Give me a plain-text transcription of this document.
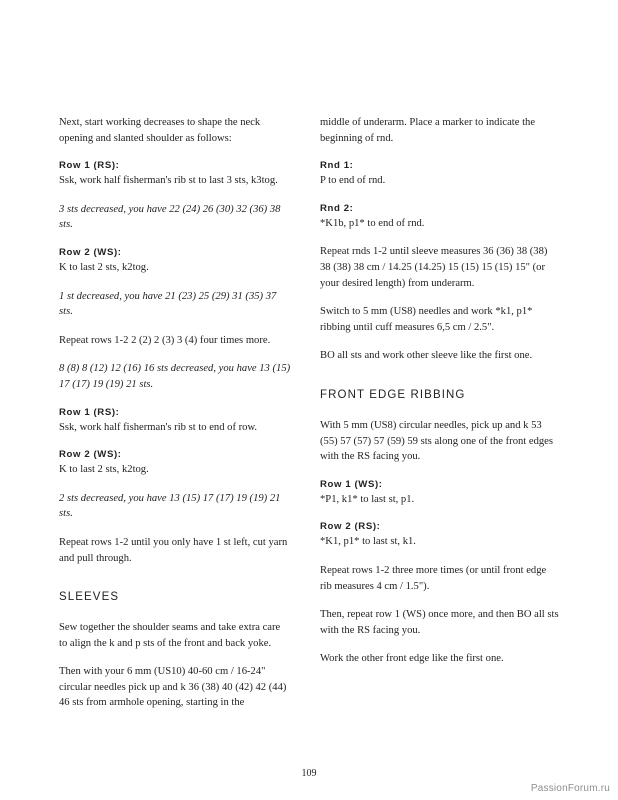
Next, start working decreases to shape the neck opening and slanted shoulder as follows:

Row 1 (RS):

Ssk, work half fisherman's rib st to last 3 sts, k3tog.

3 sts decreased, you have 22 (24) 26 (30) 32 (36) 38 sts.

Row 2 (WS):

K to last 2 sts, k2tog.

1 st decreased, you have 21 (23) 25 (29) 31 (35) 37 sts.

Repeat rows 1-2 2 (2) 2 (3) 3 (4) four times more.

8 (8) 8 (12) 12 (16) 16 sts decreased, you have 13 (15) 17 (17) 19 (19) 21 sts.

Row 1 (RS):

Ssk, work half fisherman's rib st to end of row.

Row 2 (WS):

K to last 2 sts, k2tog.

2 sts decreased, you have 13 (15) 17 (17) 19 (19) 21 sts.

Repeat rows 1-2 until you only have 1 st left, cut yarn and pull through.

SLEEVES

Sew together the shoulder seams and take extra care to align the k and p sts of the front and back yoke.

Then with your 6 mm (US10) 40-60 cm / 16-24" circular needles pick up and k 36 (38) 40 (42) 42 (44) 46 sts from armhole opening, starting in the

middle of underarm. Place a marker to indicate the beginning of rnd.

Rnd 1:

P to end of rnd.

Rnd 2:

*K1b, p1* to end of rnd.

Repeat rnds 1-2 until sleeve measures 36 (36) 38 (38) 38 (38) 38 cm / 14.25 (14.25) 15 (15) 15 (15) 15" (or your desired length) from underarm.

Switch to 5 mm (US8) needles and work *k1, p1* ribbing until cuff measures 6,5 cm / 2.5".

BO all sts and work other sleeve like the first one.

FRONT EDGE RIBBING

With 5 mm (US8) circular needles, pick up and k 53 (55) 57 (57) 57 (59) 59 sts along one of the front edges with the RS facing you.

Row 1 (WS):

*P1, k1* to last st, p1.

Row 2 (RS):

*K1, p1* to last st, k1.

Repeat rows 1-2 three more times (or until front edge rib measures 4 cm / 1.5").

Then, repeat row 1 (WS) once more, and then BO all sts with the RS facing you.

Work the other front edge like the first one.

109
PassionForum.ru
